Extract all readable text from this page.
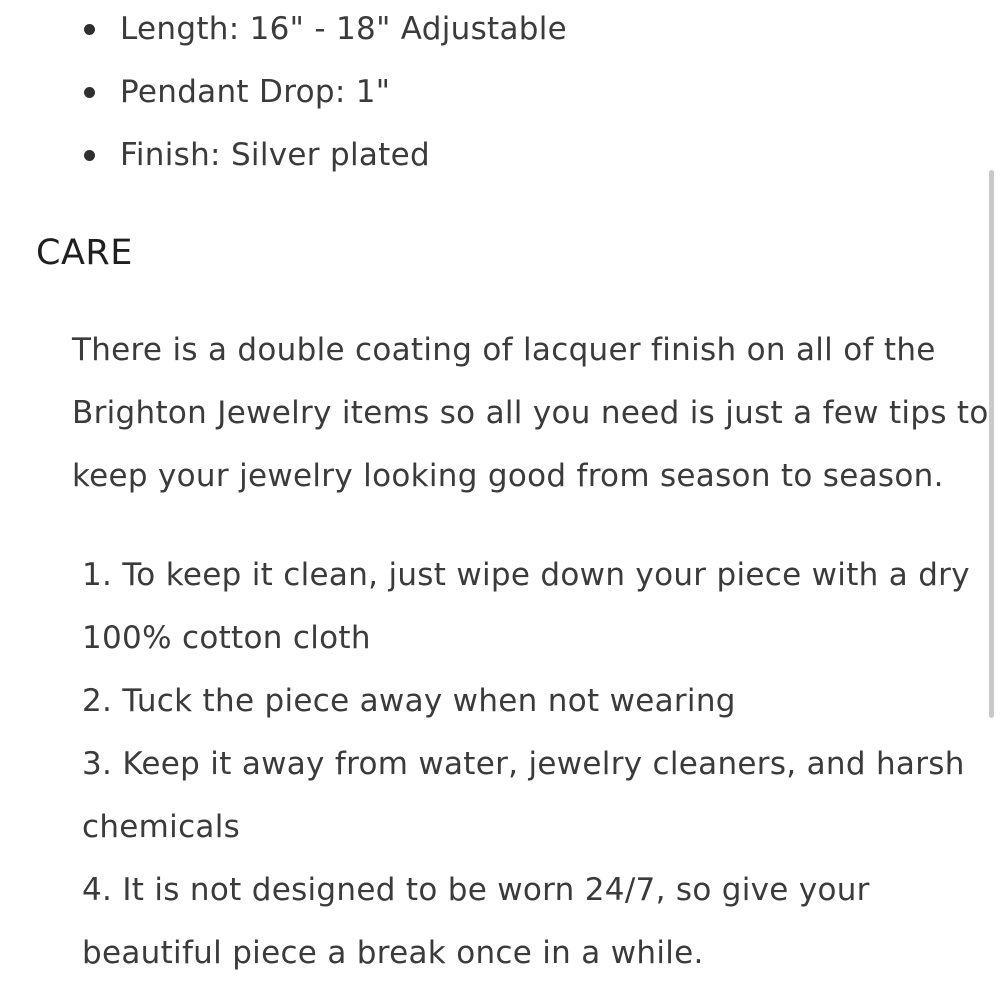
Length: 16" - 18" Adjustable
Pendant Drop: 1"
Finish: Silver plated
CARE
There is a double coating of lacquer finish on all of the
Brighton Jewelry items so all you need is just a few tips to
keep your jewelry looking good from season to season.
1. To keep it clean, just wipe down your piece with a dry
100% cotton cloth
2. Tuck the piece away when not wearing
3. Keep it away from water, jewelry cleaners, and harsh
chemicals
4. It is not designed to be worn 24/7, so give your
beautiful piece a break once in a while.
